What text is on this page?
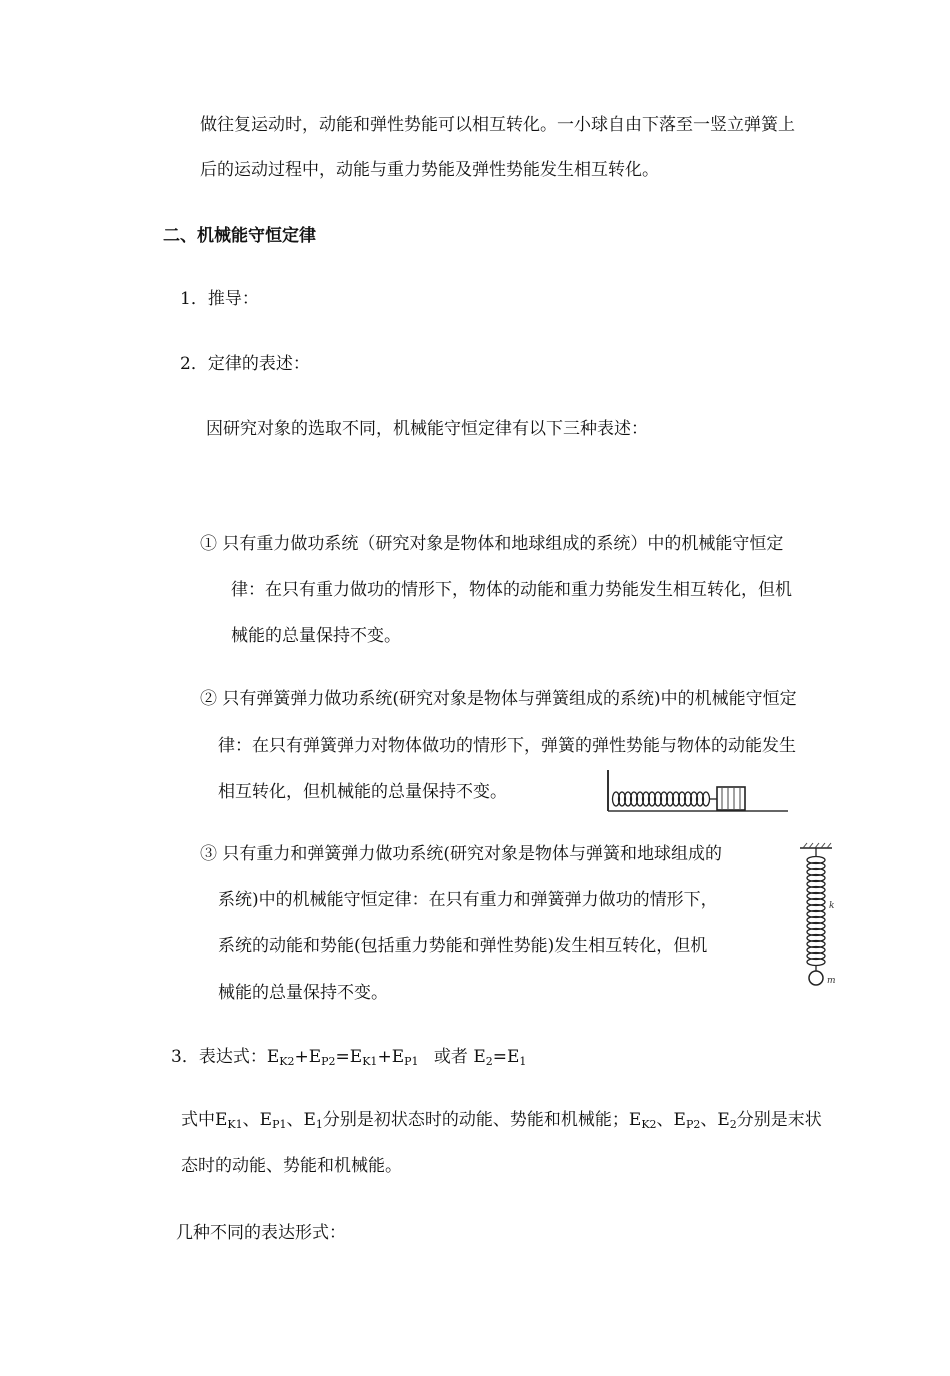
做往复运动时，动能和弹性势能可以相互转化。一小球自由下落至一竖立弹簧上
后的运动过程中，动能与重力势能及弹性势能发生相互转化。
二、机械能守恒定律
1．推导：
2．定律的表述：
因研究对象的选取不同，机械能守恒定律有以下三种表述：
① 只有重力做功系统（研究对象是物体和地球组成的系统）中的机械能守恒定
律：在只有重力做功的情形下，物体的动能和重力势能发生相互转化，但机
械能的总量保持不变。
② 只有弹簧弹力做功系统(研究对象是物体与弹簧组成的系统)中的机械能守恒定
律：在只有弹簧弹力对物体做功的情形下，弹簧的弹性势能与物体的动能发生
相互转化，但机械能的总量保持不变。
③ 只有重力和弹簧弹力做功系统(研究对象是物体与弹簧和地球组成的
系统)中的机械能守恒定律：在只有重力和弹簧弹力做功的情形下，
系统的动能和势能(包括重力势能和弹性势能)发生相互转化，但机
械能的总量保持不变。
k
m
3．表达式：EK2+EP2=EK1+EP1 或者 E2=E1
式中EK1、EP1、E1分别是初状态时的动能、势能和机械能；EK2、EP2、E2分别是末状
态时的动能、势能和机械能。
几种不同的表达形式：
